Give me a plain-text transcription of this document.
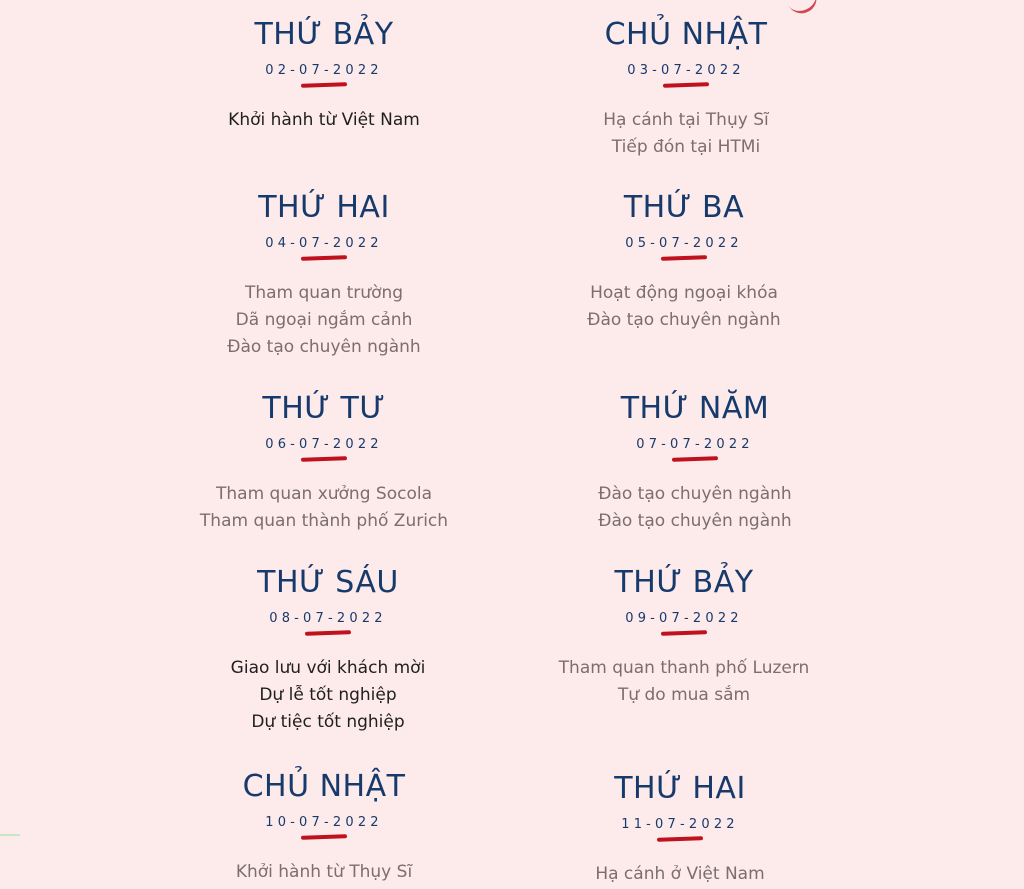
THỨ BẢY
02-07-2022
Khởi hành từ Việt Nam
CHỦ NHẬT
03-07-2022
Hạ cánh tại Thụy Sĩ
Tiếp đón tại HTMi
THỨ HAI
04-07-2022
Tham quan trường
Dã ngoại ngắm cảnh
Đào tạo chuyên ngành
THỨ BA
05-07-2022
Hoạt động ngoại khóa
Đào tạo chuyên ngành
THỨ TƯ
06-07-2022
Tham quan xưởng Socola
Tham quan thành phố Zurich
THỨ NĂM
07-07-2022
Đào tạo chuyên ngành
Đào tạo chuyên ngành
THỨ SÁU
08-07-2022
Giao lưu với khách mời
Dự lễ tốt nghiệp
Dự tiệc tốt nghiệp
THỨ BẢY
09-07-2022
Tham quan thanh phố Luzern
Tự do mua sắm
CHỦ NHẬT
10-07-2022
Khởi hành từ Thụy Sĩ
THỨ HAI
11-07-2022
Hạ cánh ở Việt Nam
